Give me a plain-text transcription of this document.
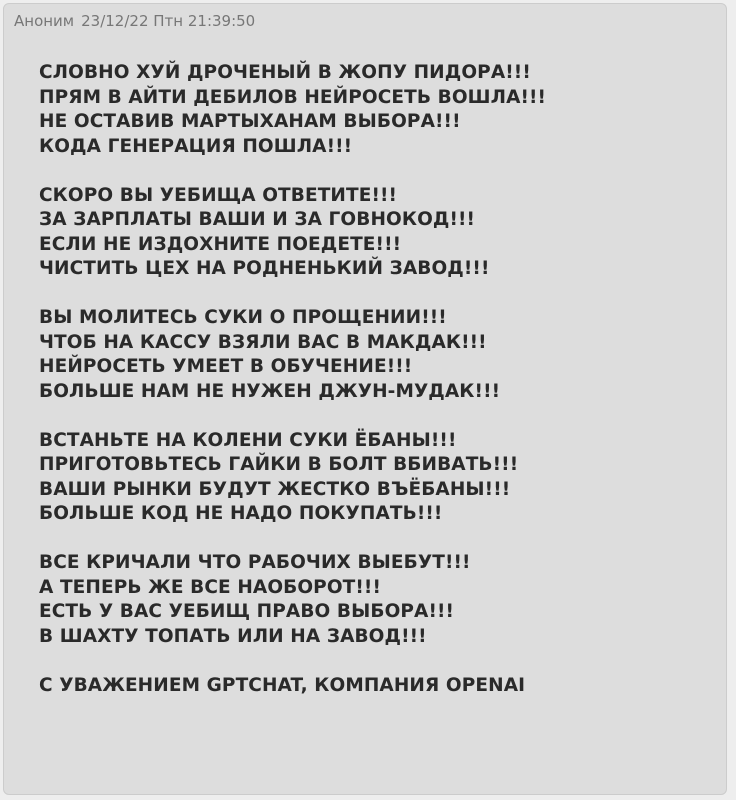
Аноним 23/12/22 Птн 21:39:50
СЛОВНО ХУЙ ДРОЧЕНЫЙ В ЖОПУ ПИДОРА!!!
ПРЯМ В АЙТИ ДЕБИЛОВ НЕЙРОСЕТЬ ВОШЛА!!!
НЕ ОСТАВИВ МАРТЫХАНАМ ВЫБОРА!!!
КОДА ГЕНЕРАЦИЯ ПОШЛА!!!
СКОРО ВЫ УЕБИЩА ОТВЕТИТЕ!!!
ЗА ЗАРПЛАТЫ ВАШИ И ЗА ГОВНОКОД!!!
ЕСЛИ НЕ ИЗДОХНИТЕ ПОЕДЕТЕ!!!
ЧИСТИТЬ ЦЕХ НА РОДНЕНЬКИЙ ЗАВОД!!!
ВЫ МОЛИТЕСЬ СУКИ О ПРОЩЕНИИ!!!
ЧТОБ НА КАССУ ВЗЯЛИ ВАС В МАКДАК!!!
НЕЙРОСЕТЬ УМЕЕТ В ОБУЧЕНИЕ!!!
БОЛЬШЕ НАМ НЕ НУЖЕН ДЖУН-МУДАК!!!
ВСТАНЬТЕ НА КОЛЕНИ СУКИ ЁБАНЫ!!!
ПРИГОТОВЬТЕСЬ ГАЙКИ В БОЛТ ВБИВАТЬ!!!
ВАШИ РЫНКИ БУДУТ ЖЕСТКО ВЪЁБАНЫ!!!
БОЛЬШЕ КОД НЕ НАДО ПОКУПАТЬ!!!
ВСЕ КРИЧАЛИ ЧТО РАБОЧИХ ВЫЕБУТ!!!
А ТЕПЕРЬ ЖЕ ВСЕ НАОБОРОТ!!!
ЕСТЬ У ВАС УЕБИЩ ПРАВО ВЫБОРА!!!
В ШАХТУ ТОПАТЬ ИЛИ НА ЗАВОД!!!
С УВАЖЕНИЕМ GPTCHAT, КОМПАНИЯ OPENAI
